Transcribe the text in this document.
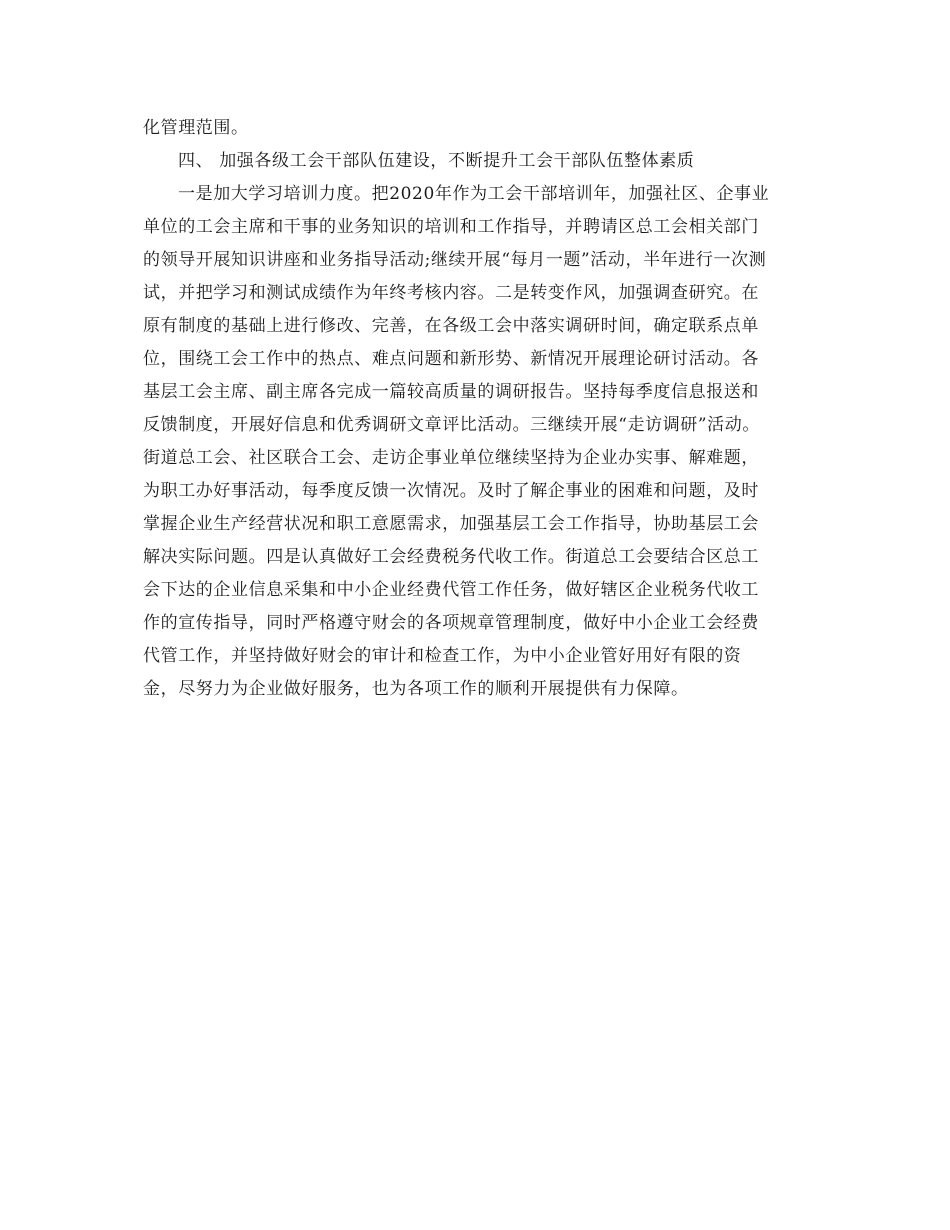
化管理范围。
四、 加强各级工会干部队伍建设，不断提升工会干部队伍整体素质
一是加大学习培训力度。把2020年作为工会干部培训年，加强社区、企事业
单位的工会主席和干事的业务知识的培训和工作指导，并聘请区总工会相关部门
的领导开展知识讲座和业务指导活动;继续开展“每月一题”活动，半年进行一次测
试，并把学习和测试成绩作为年终考核内容。二是转变作风，加强调查研究。在
原有制度的基础上进行修改、完善，在各级工会中落实调研时间，确定联系点单
位，围绕工会工作中的热点、难点问题和新形势、新情况开展理论研讨活动。各
基层工会主席、副主席各完成一篇较高质量的调研报告。坚持每季度信息报送和
反馈制度，开展好信息和优秀调研文章评比活动。三继续开展“走访调研”活动。
街道总工会、社区联合工会、走访企事业单位继续坚持为企业办实事、解难题，
为职工办好事活动，每季度反馈一次情况。及时了解企事业的困难和问题，及时
掌握企业生产经营状况和职工意愿需求，加强基层工会工作指导，协助基层工会
解决实际问题。四是认真做好工会经费税务代收工作。街道总工会要结合区总工
会下达的企业信息采集和中小企业经费代管工作任务，做好辖区企业税务代收工
作的宣传指导，同时严格遵守财会的各项规章管理制度，做好中小企业工会经费
代管工作，并坚持做好财会的审计和检查工作，为中小企业管好用好有限的资
金，尽努力为企业做好服务，也为各项工作的顺利开展提供有力保障。
